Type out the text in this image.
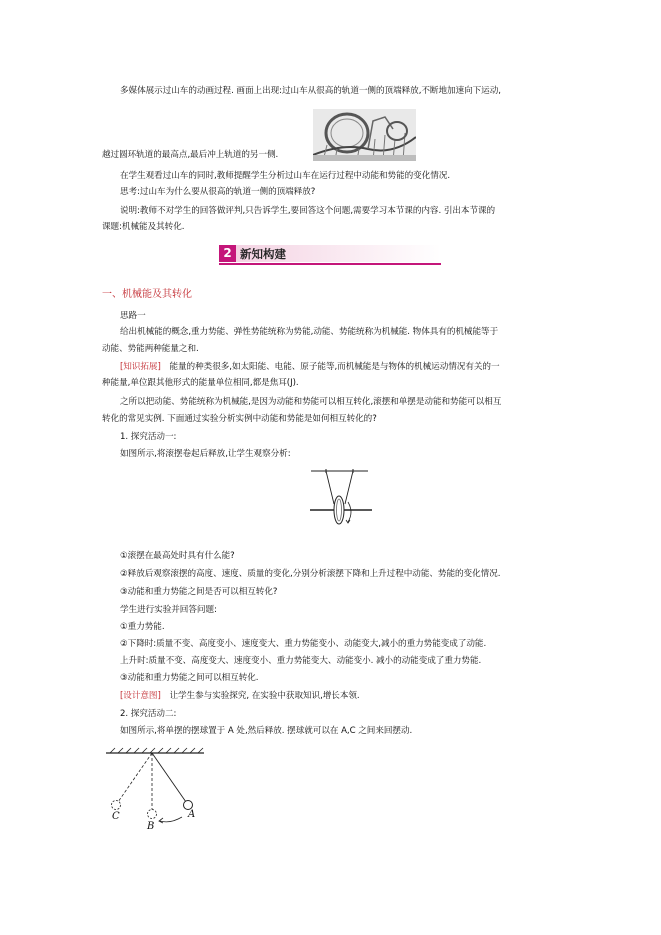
多媒体展示过山车的动画过程. 画面上出现:过山车从很高的轨道一侧的顶端释放,不断地加速向下运动,
越过圆环轨道的最高点,最后冲上轨道的另一侧.
在学生观看过山车的同时,教师提醒学生分析过山车在运行过程中动能和势能的变化情况.
思考:过山车为什么要从很高的轨道一侧的顶端释放?
说明:教师不对学生的回答做评判,只告诉学生,要回答这个问题,需要学习本节课的内容. 引出本节课的
课题:机械能及其转化.
2 新知构建
一、机械能及其转化
思路一
给出机械能的概念,重力势能、弹性势能统称为势能,动能、势能统称为机械能. 物体具有的机械能等于
动能、势能两种能量之和.
[知识拓展] 能量的种类很多,如太阳能、电能、原子能等,而机械能是与物体的机械运动情况有关的一
种能量,单位跟其他形式的能量单位相同,都是焦耳(J).
之所以把动能、势能统称为机械能,是因为动能和势能可以相互转化,滚摆和单摆是动能和势能可以相互
转化的常见实例. 下面通过实验分析实例中动能和势能是如何相互转化的?
1. 探究活动一:
如图所示,将滚摆卷起后释放,让学生观察分析:
①滚摆在最高处时具有什么能?
②释放后观察滚摆的高度、速度、质量的变化,分别分析滚摆下降和上升过程中动能、势能的变化情况.
③动能和重力势能之间是否可以相互转化?
学生进行实验并回答问题:
①重力势能.
②下降时:质量不变、高度变小、速度变大、重力势能变小、动能变大,减小的重力势能变成了动能.
上升时:质量不变、高度变大、速度变小、重力势能变大、动能变小. 减小的动能变成了重力势能.
③动能和重力势能之间可以相互转化.
[设计意图] 让学生参与实验探究, 在实验中获取知识,增长本领.
2. 探究活动二:
如图所示,将单摆的摆球置于 A 处,然后释放. 摆球就可以在 A,C 之间来回摆动.
A
B
C
